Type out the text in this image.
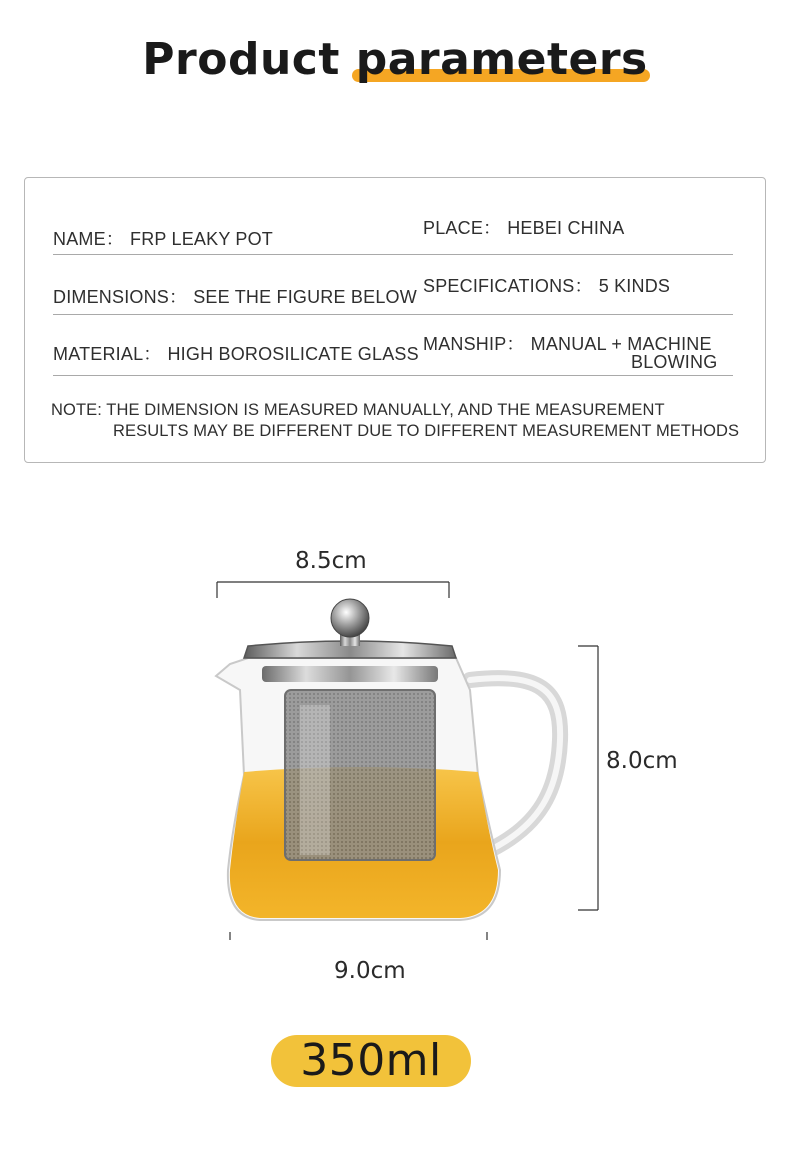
Product parameters
NAME： FRP LEAKY POT
PLACE： HEBEI CHINA
DIMENSIONS： SEE THE FIGURE BELOW
SPECIFICATIONS： 5 KINDS
MATERIAL： HIGH BOROSILICATE GLASS MANSHIP： MANUAL + MACHINE
BLOWING
NOTE: THE DIMENSION IS MEASURED MANUALLY, AND THE MEASUREMENT
RESULTS MAY BE DIFFERENT DUE TO DIFFERENT MEASUREMENT METHODS
8.5cm
8.0cm
9.0cm
350ml
